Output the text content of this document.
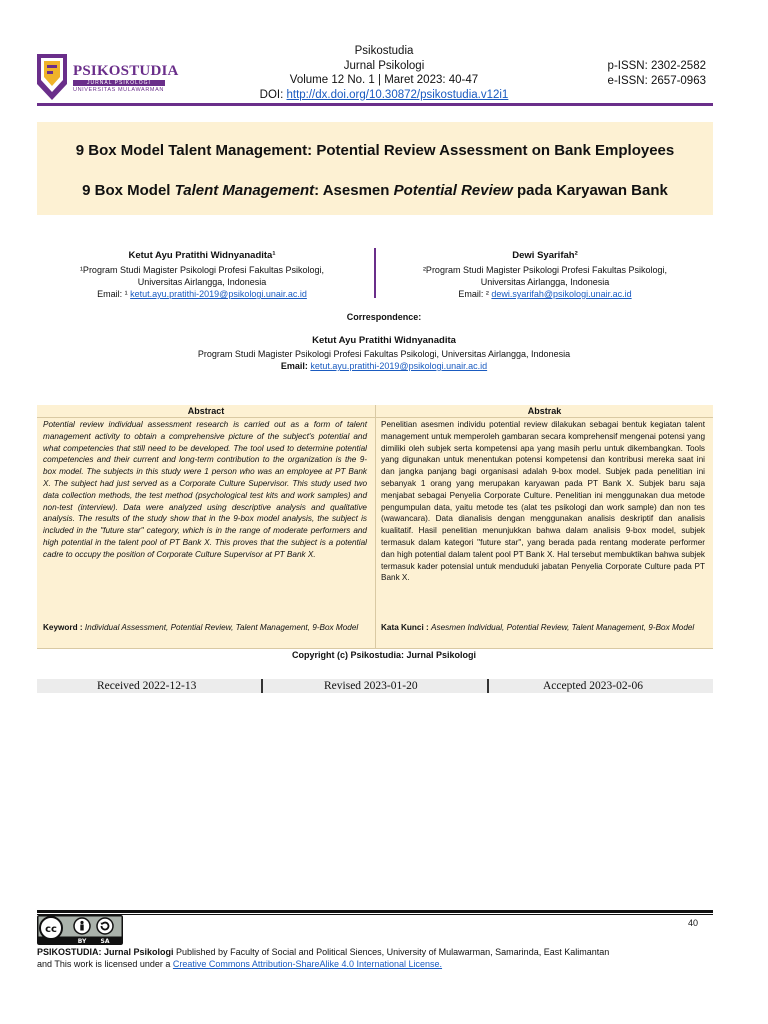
PSIKOSTUDIA
JURNAL PSIKOLOGI
UNIVERSITAS MULAWARMAN
Psikostudia
Jurnal Psikologi
Volume 12 No. 1 | Maret 2023: 40-47
DOI: http://dx.doi.org/10.30872/psikostudia.v12i1
p-ISSN: 2302-2582
e-ISSN: 2657-0963
9 Box Model Talent Management: Potential Review Assessment on Bank Employees
9 Box Model Talent Management: Asesmen Potential Review pada Karyawan Bank
Ketut Ayu Pratithi Widnyanadita¹
¹Program Studi Magister Psikologi Profesi Fakultas Psikologi,
Universitas Airlangga, Indonesia
Email: ¹ ketut.ayu.pratithi-2019@psikologi.unair.ac.id
Dewi Syarifah²
²Program Studi Magister Psikologi Profesi Fakultas Psikologi,
Universitas Airlangga, Indonesia
Email: ² dewi.syarifah@psikologi.unair.ac.id
Correspondence:
Ketut Ayu Pratithi Widnyanadita
Program Studi Magister Psikologi Profesi Fakultas Psikologi, Universitas Airlangga, Indonesia
Email: ketut.ayu.pratithi-2019@psikologi.unair.ac.id
Abstract	Abstrak
Potential review individual assessment research is carried out as a form of talent management activity to obtain a comprehensive picture of the subject's potential and what competencies that still need to be developed. The tool used to determine potential competencies and their current and long-term contribution to the organization is the 9-box model. The subjects in this study were 1 person who was an employee at PT Bank X. The subject had just served as a Corporate Culture Supervisor. This study used two data collection methods, the test method (psychological test kits and work samples) and non-test (interview). Data were analyzed using descriptive analysis and qualitative analysis. The results of the study show that in the 9-box model analysis, the subject is included in the "future star" category, which is in the range of moderate performers and high potential in the talent pool of PT Bank X. This proves that the subject is a potential cadre to occupy the position of Corporate Culture Supervisor at PT Bank X.
Penelitian asesmen individu potential review dilakukan sebagai bentuk kegiatan talent management untuk memperoleh gambaran secara komprehensif mengenai potensi yang dimiliki oleh subjek serta kompetensi apa yang masih perlu untuk dikembangkan. Tools yang digunakan untuk menentukan potensi kompetensi dan kontribusi mereka saat ini dan jangka panjang bagi organisasi adalah 9-box model. Subjek pada penelitian ini sebanyak 1 orang yang merupakan karyawan pada PT Bank X. Subjek baru saja menjabat sebagai Penyelia Corporate Culture. Penelitian ini menggunakan dua metode pengumpulan data, yaitu metode tes (alat tes psikologi dan work sample) dan non tes (wawancara). Data dianalisis dengan menggunakan analisis deskriptif dan analisis kualitatif. Hasil penelitian menunjukkan bahwa dalam analisis 9-box model, subjek termasuk dalam kategori "future star", yang berada pada rentang moderate performer dan high potential dalam talent pool PT Bank X. Hal tersebut membuktikan bahwa subjek termasuk kader potensial untuk menduduki jabatan Penyelia Corporate Culture pada PT Bank X.
Keyword : Individual Assessment, Potential Review, Talent Management, 9-Box Model	Kata Kunci : Asesmen Individual, Potential Review, Talent Management, 9-Box Model
Copyright (c) Psikostudia: Jurnal Psikologi
Received 2022-12-13	Revised 2023-01-20	Accepted 2023-02-06
40
cc
BY SA
PSIKOSTUDIA: Jurnal Psikologi Published by Faculty of Social and Political Siences, University of Mulawarman, Samarinda, East Kalimantan
and This work is licensed under a Creative Commons Attribution-ShareAlike 4.0 International License.
